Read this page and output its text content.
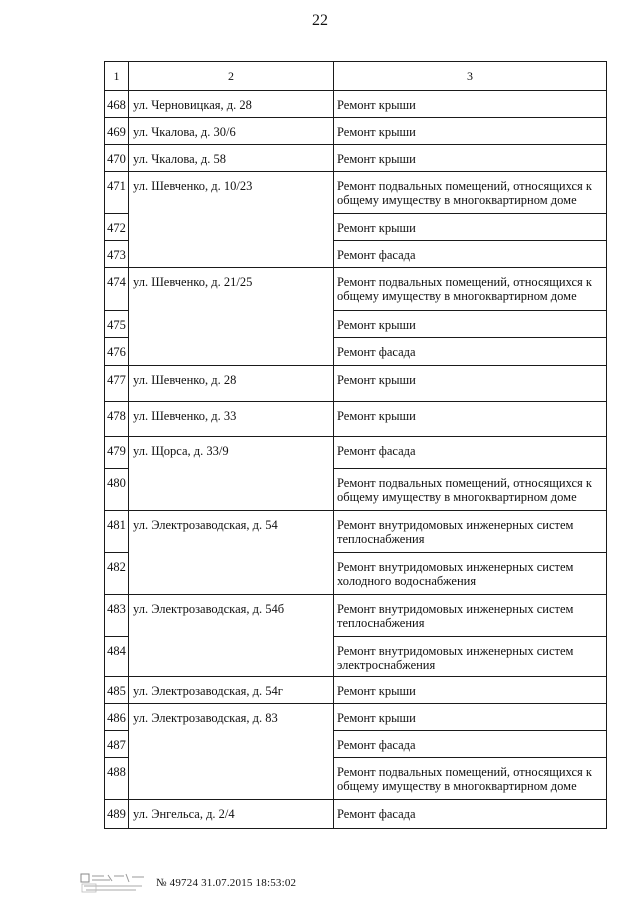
22
1	2	3
468	ул. Черновицкая, д. 28	Ремонт крыши
469	ул. Чкалова, д. 30/6	Ремонт крыши
470	ул. Чкалова, д. 58	Ремонт крыши
471	ул. Шевченко, д. 10/23	Ремонт подвальных помещений, относящихся к общему имуществу в многоквартирном доме
472		Ремонт крыши
473		Ремонт фасада
474	ул. Шевченко, д. 21/25	Ремонт подвальных помещений, относящихся к общему имуществу в многоквартирном доме
475		Ремонт крыши
476		Ремонт фасада
477	ул. Шевченко, д. 28	Ремонт крыши
478	ул. Шевченко, д. 33	Ремонт крыши
479	ул. Щорса, д. 33/9	Ремонт фасада
480		Ремонт подвальных помещений, относящихся к общему имуществу в многоквартирном доме
481	ул. Электрозаводская, д. 54	Ремонт внутридомовых инженерных систем теплоснабжения
482		Ремонт внутридомовых инженерных систем холодного водоснабжения
483	ул. Электрозаводская, д. 54б	Ремонт внутридомовых инженерных систем теплоснабжения
484		Ремонт внутридомовых инженерных систем электроснабжения
485	ул. Электрозаводская, д. 54г	Ремонт крыши
486	ул. Электрозаводская, д. 83	Ремонт крыши
487		Ремонт фасада
488		Ремонт подвальных помещений, относящихся к общему имуществу в многоквартирном доме
489	ул. Энгельса, д. 2/4	Ремонт фасада
№ 49724 31.07.2015 18:53:02
